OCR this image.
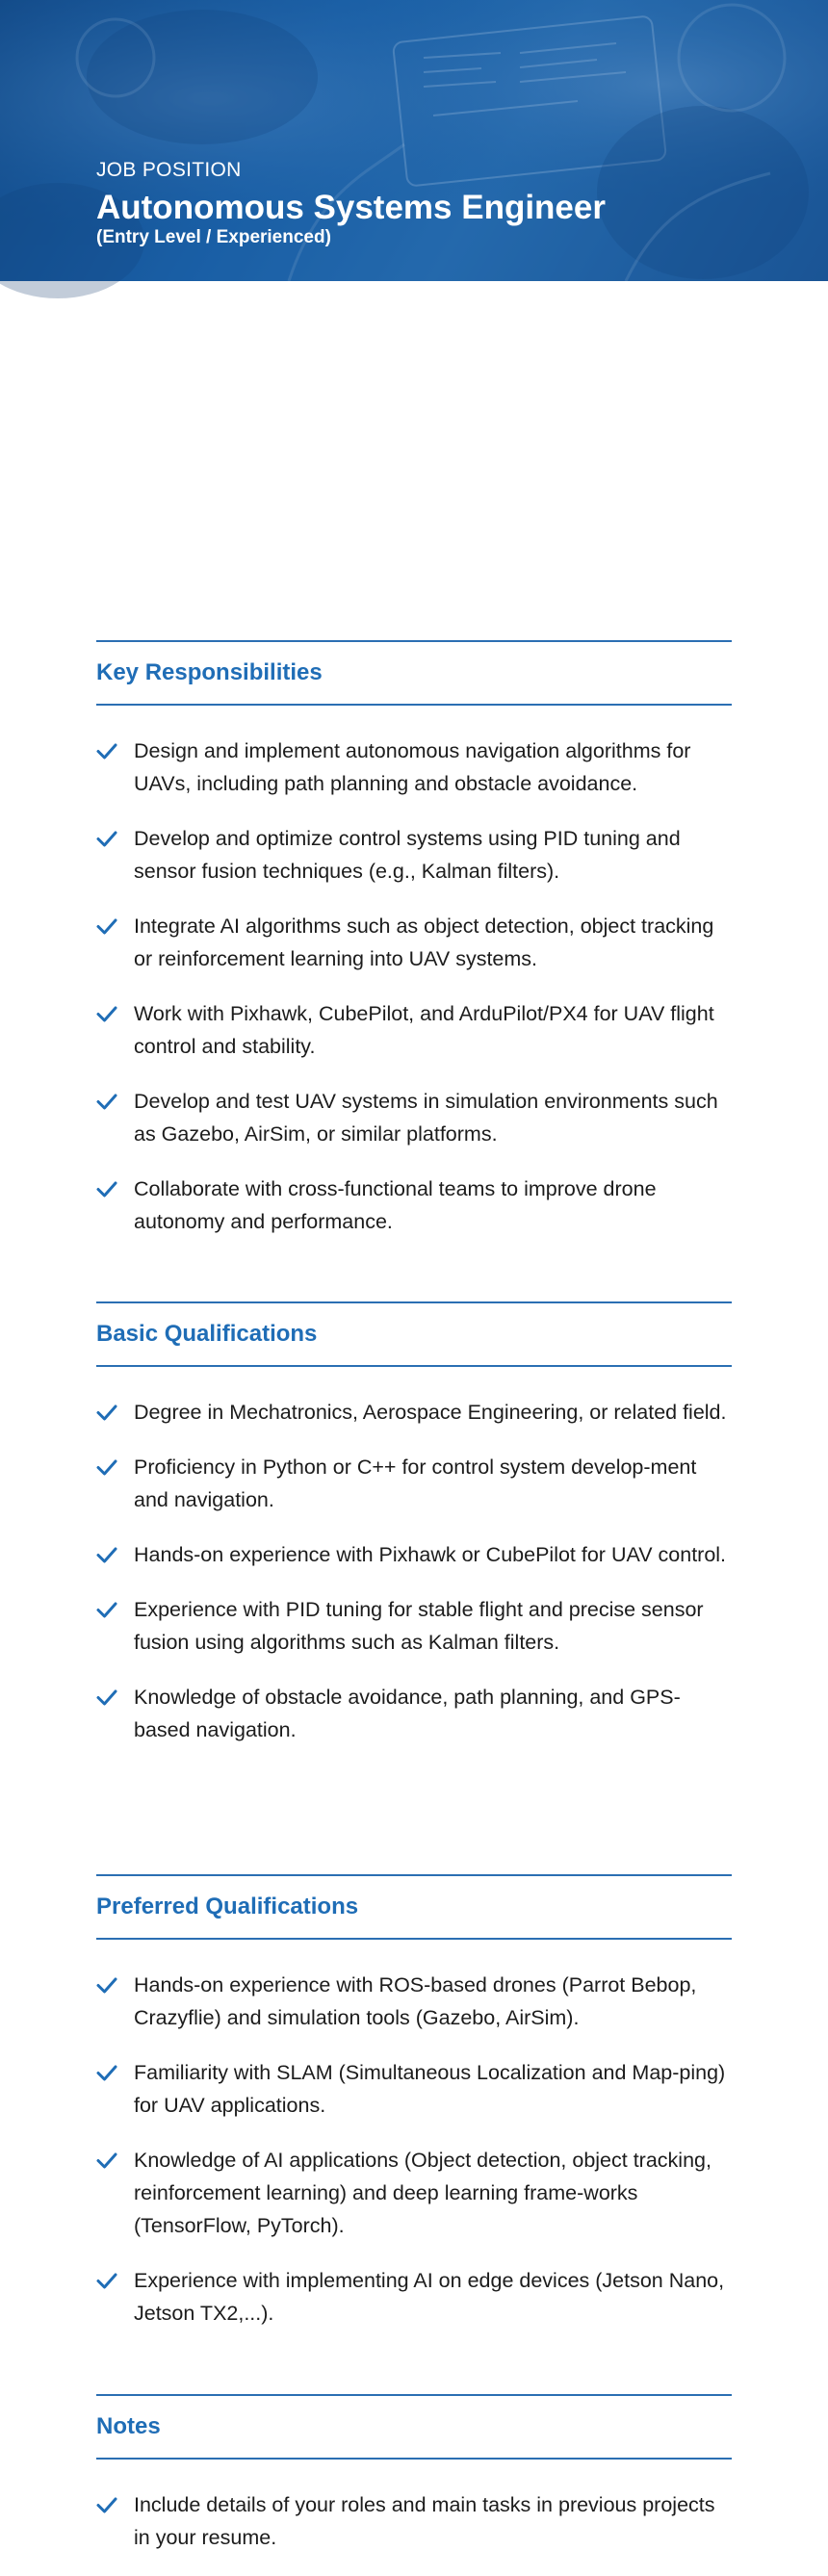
JOB POSITION
Autonomous Systems Engineer
(Entry Level / Experienced)
Key Responsibilities
Design and implement autonomous navigation algorithms for UAVs, including path planning and obstacle avoidance.
Develop and optimize control systems using PID tuning and sensor fusion techniques (e.g., Kalman filters).
Integrate AI algorithms such as object detection, object tracking or reinforcement learning into UAV systems.
Work with Pixhawk, CubePilot, and ArduPilot/PX4 for UAV flight control and stability.
Develop and test UAV systems in simulation environments such as Gazebo, AirSim, or similar platforms.
Collaborate with cross-functional teams to improve drone autonomy and performance.
Basic Qualifications
Degree in Mechatronics, Aerospace Engineering, or related field.
Proficiency in Python or C++ for control system develop-ment and navigation.
Hands-on experience with Pixhawk or CubePilot for UAV control.
Experience with PID tuning for stable flight and precise sensor fusion using algorithms such as Kalman filters.
Knowledge of obstacle avoidance, path planning, and GPS-based navigation.
Preferred Qualifications
Hands-on experience with ROS-based drones (Parrot Bebop, Crazyflie) and simulation tools (Gazebo, AirSim).
Familiarity with SLAM (Simultaneous Localization and Map-ping) for UAV applications.
Knowledge of AI applications (Object detection, object tracking, reinforcement learning) and deep learning frame-works (TensorFlow, PyTorch).
Experience with implementing AI on edge devices (Jetson Nano, Jetson TX2,...).
Notes
Include details of your roles and main tasks in previous projects in your resume.
